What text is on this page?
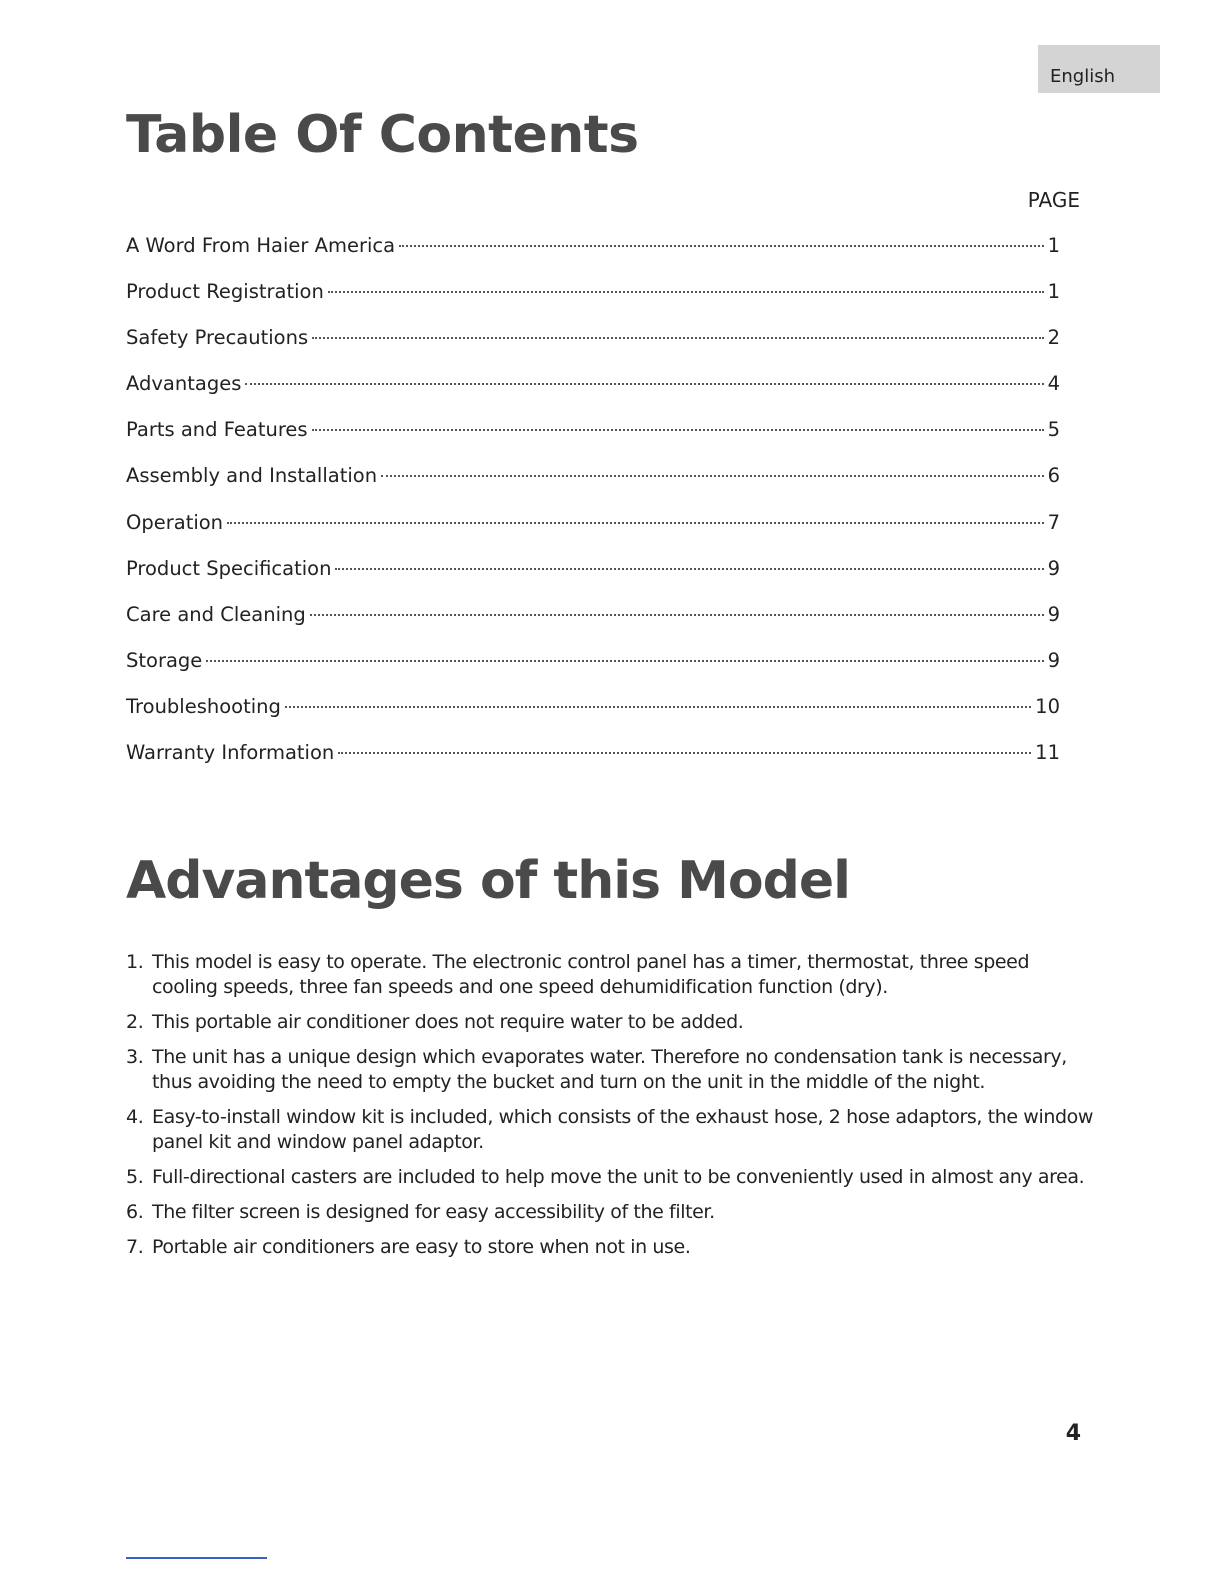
English
Table Of Contents
PAGE
A Word From Haier America	1
Product Registration	1
Safety Precautions	2
Advantages	4
Parts and Features	5
Assembly and Installation	6
Operation	7
Product Specification	9
Care and Cleaning	9
Storage	9
Troubleshooting	10
Warranty Information	11
Advantages of this Model
1. This model is easy to operate. The electronic control panel has a timer, thermostat, three speed cooling speeds, three fan speeds and one speed dehumidification function (dry).
2. This portable air conditioner does not require water to be added.
3. The unit has a unique design which evaporates water. Therefore no condensation tank is necessary, thus avoiding the need to empty the bucket and turn on the unit in the middle of the night.
4. Easy-to-install window kit is included, which consists of the exhaust hose, 2 hose adaptors, the window panel kit and window panel adaptor.
5. Full-directional casters are included to help move the unit to be conveniently used in almost any area.
6. The filter screen is designed for easy accessibility of the filter.
7. Portable air conditioners are easy to store when not in use.
4
